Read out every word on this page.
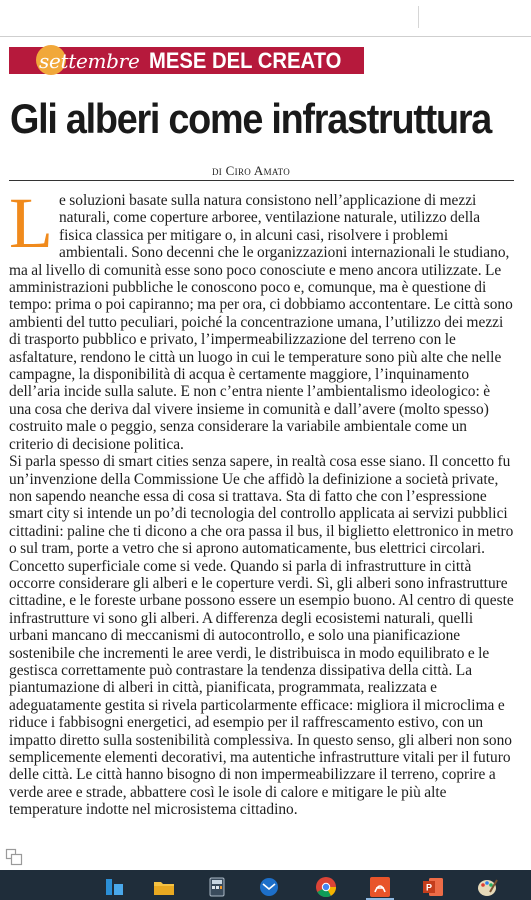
settembre MESE DEL CREATO
Gli alberi come infrastruttura
di Ciro Amato

Le soluzioni basate sulla natura consistono nell’applicazione di mezzi naturali, come coperture arboree, ventilazione naturale, utilizzo della fisica classica per mitigare o, in alcuni casi, risolvere i problemi ambientali. Sono decenni che le organizzazioni internazionali le studiano, ma al livello di comunità esse sono poco conosciute e meno ancora utilizzate. Le amministrazioni pubbliche le conoscono poco e, comunque, ma è questione di tempo: prima o poi capiranno; ma per ora, ci dobbiamo accontentare. Le città sono ambienti del tutto peculiari, poiché la concentrazione umana, l’utilizzo dei mezzi di trasporto pubblico e privato, l’impermeabilizzazione del terreno con le asfaltature, rendono le città un luogo in cui le temperature sono più alte che nelle campagne, la disponibilità di acqua è certamente maggiore, l’inquinamento dell’aria incide sulla salute. E non c’entra niente l’ambientalismo ideologico: è una cosa che deriva dal vivere insieme in comunità e dall’avere (molto spesso) costruito male o peggio, senza considerare la variabile ambientale come un criterio di decisione politica.

Si parla spesso di smart cities senza sapere, in realtà cosa esse siano. Il concetto fu un’invenzione della Commissione Ue che affidò la definizione a società private, non sapendo neanche essa di cosa si trattava. Sta di fatto che con l’espressione smart city si intende un po’di tecnologia del controllo applicata ai servizi pubblici cittadini: paline che ti dicono a che ora passa il bus, il biglietto elettronico in metro o sul tram, porte a vetro che si aprono automaticamente, bus elettrici circolari. Concetto superficiale come si vede. Quando si parla di infrastrutture in città occorre considerare gli alberi e le coperture verdi. Sì, gli alberi sono infrastrutture cittadine, e le foreste urbane possono essere un esempio buono. Al centro di queste infrastrutture vi sono gli alberi. A differenza degli ecosistemi naturali, quelli urbani mancano di meccanismi di autocontrollo, e solo una pianificazione sostenibile che incrementi le aree verdi, le distribuisca in modo equilibrato e le gestisca correttamente può contrastare la tendenza dissipativa della città. La piantumazione di alberi in città, pianificata, programmata, realizzata e adeguatamente gestita si rivela particolarmente efficace: migliora il microclima e riduce i fabbisogni energetici, ad esempio per il raffrescamento estivo, con un impatto diretto sulla sostenibilità complessiva. In questo senso, gli alberi non sono semplicemente elementi decorativi, ma autentiche infrastrutture vitali per il futuro delle città. Le città hanno bisogno di non impermeabilizzare il terreno, coprire a verde aree e strade, abbattere così le isole di calore e mitigare le più alte temperature indotte nel microsistema cittadino.

P
